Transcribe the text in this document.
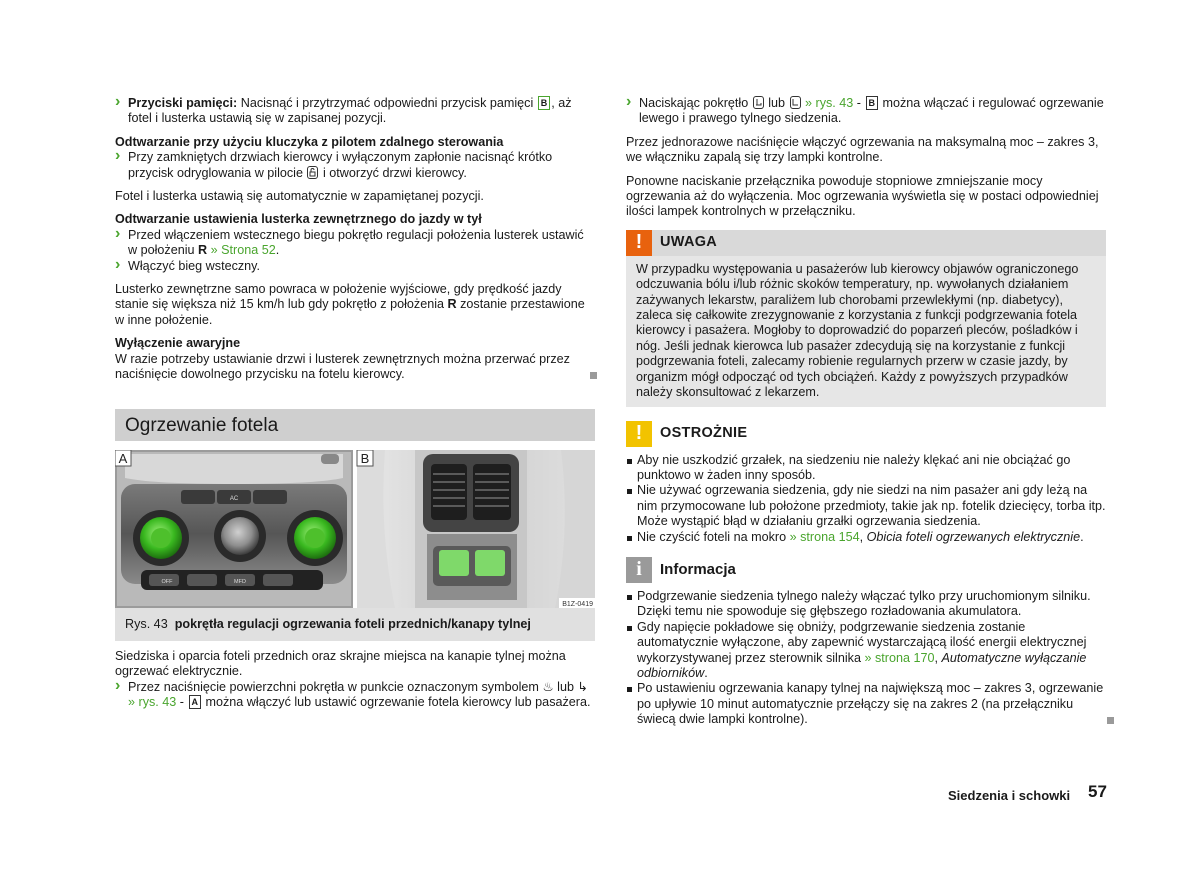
› Przyciski pamięci: Nacisnąć i przytrzymać odpowiedni przycisk pamięci B , aż fotel i lusterka ustawią się w zapisanej pozycji.

Odtwarzanie przy użyciu kluczyka z pilotem zdalnego sterowania

› Przy zamkniętych drzwiach kierowcy i wyłączonym zapłonie nacisnąć krótko przycisk odryglowania w pilocie
i otworzyć drzwi kierowcy.

Fotel i lusterka ustawią się automatycznie w zapamiętanej pozycji.

Odtwarzanie ustawienia lusterka zewnętrznego do jazdy w tył

› Przed włączeniem wstecznego biegu pokrętło regulacji położenia lusterek ustawić w położeniu R » Strona 52.

› Włączyć bieg wsteczny.

Lusterko zewnętrzne samo powraca w położenie wyjściowe, gdy prędkość jazdy stanie się większa niż 15 km/h lub gdy pokrętło z położenia R zostanie przestawione w inne położenie.

Wyłączenie awaryjne

W razie potrzeby ustawianie drzwi i lusterek zewnętrznych można przerwać przez naciśnięcie dowolnego przycisku na fotelu kierowcy.

Ogrzewanie fotela
AC
OFF	MFD
A	B
B1Z-0419
Rys. 43 pokrętła regulacji ogrzewania foteli przednich/kanapy tylnej

Siedziska i oparcia foteli przednich oraz skrajne miejsca na kanapie tylnej można ogrzewać elektrycznie.

› Przez naciśnięcie powierzchni pokrętła w punkcie oznaczonym symbolem ♨ lub ↳ » rys. 43 - A można włączyć lub ustawić ogrzewanie fotela kierowcy lub pasażera.

› Naciskając pokrętło
lub
» rys. 43 - B można włączać i regulować ogrzewanie lewego i prawego tylnego siedzenia.

Przez jednorazowe naciśnięcie włączyć ogrzewania na maksymalną moc – zakres 3, we włączniku zapalą się trzy lampki kontrolne.

Ponowne naciskanie przełącznika powoduje stopniowe zmniejszanie mocy ogrzewania aż do wyłączenia. Moc ogrzewania wyświetla się w postaci odpowiedniej ilości lampek kontrolnych w przełączniku.

!	UWAGA

W przypadku występowania u pasażerów lub kierowcy objawów ograniczonego odczuwania bólu i/lub różnic skoków temperatury, np. wywołanych działaniem zażywanych lekarstw, paraliżem lub chorobami przewlekłymi (np. diabetycy), zaleca się całkowite zrezygnowanie z korzystania z funkcji podgrzewania fotela kierowcy i pasażera. Mogłoby to doprowadzić do poparzeń pleców, pośladków i nóg. Jeśli jednak kierowca lub pasażer zdecydują się na korzystanie z funkcji podgrzewania foteli, zalecamy robienie regularnych przerw w czasie jazdy, by organizm mógł odpocząć od tych obciążeń. Każdy z powyższych przypadków należy skonsultować z lekarzem.

!	OSTROŻNIE

Aby nie uszkodzić grzałek, na siedzeniu nie należy klękać ani nie obciążać go punktowo w żaden inny sposób.

Nie używać ogrzewania siedzenia, gdy nie siedzi na nim pasażer ani gdy leżą na nim przymocowane lub położone przedmioty, takie jak np. fotelik dziecięcy, torba itp. Może wystąpić błąd w działaniu grzałki ogrzewania siedzenia.

Nie czyścić foteli na mokro » strona 154, Obicia foteli ogrzewanych elektrycznie.

i	Informacja

Podgrzewanie siedzenia tylnego należy włączać tylko przy uruchomionym silniku. Dzięki temu nie spowoduje się głębszego rozładowania akumulatora.

Gdy napięcie pokładowe się obniży, podgrzewanie siedzenia zostanie automatycznie wyłączone, aby zapewnić wystarczającą ilość energii elektrycznej wykorzystywanej przez sterownik silnika » strona 170, Automatyczne wyłączanie odbiorników.

Po ustawieniu ogrzewania kanapy tylnej na największą moc – zakres 3, ogrzewanie po upływie 10 minut automatycznie przełączy się na zakres 2 (na przełączniku świecą dwie lampki kontrolne).

Siedzenia i schowki 57
